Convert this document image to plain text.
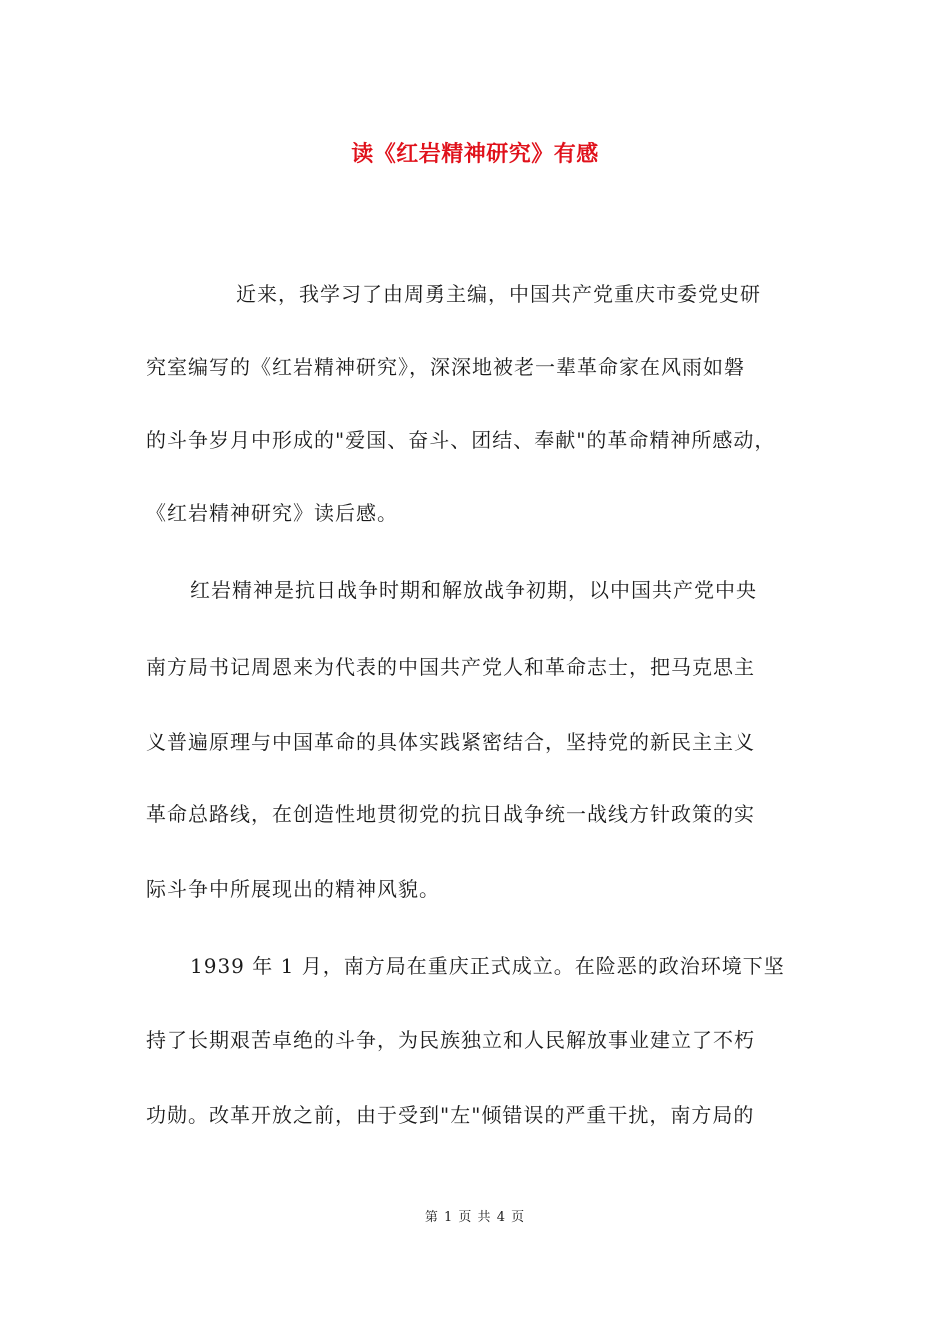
读《红岩精神研究》有感
近来，我学习了由周勇主编，中国共产党重庆市委党史研
究室编写的《红岩精神研究》，深深地被老一辈革命家在风雨如磐
的斗争岁月中形成的"爱国、奋斗、团结、奉献"的革命精神所感动，
《红岩精神研究》读后感。
红岩精神是抗日战争时期和解放战争初期，以中国共产党中央
南方局书记周恩来为代表的中国共产党人和革命志士，把马克思主
义普遍原理与中国革命的具体实践紧密结合，坚持党的新民主主义
革命总路线，在创造性地贯彻党的抗日战争统一战线方针政策的实
际斗争中所展现出的精神风貌。
1939 年 1 月，南方局在重庆正式成立。在险恶的政治环境下坚
持了长期艰苦卓绝的斗争，为民族独立和人民解放事业建立了不朽
功勋。改革开放之前，由于受到"左"倾错误的严重干扰，南方局的
第 1 页 共 4 页
